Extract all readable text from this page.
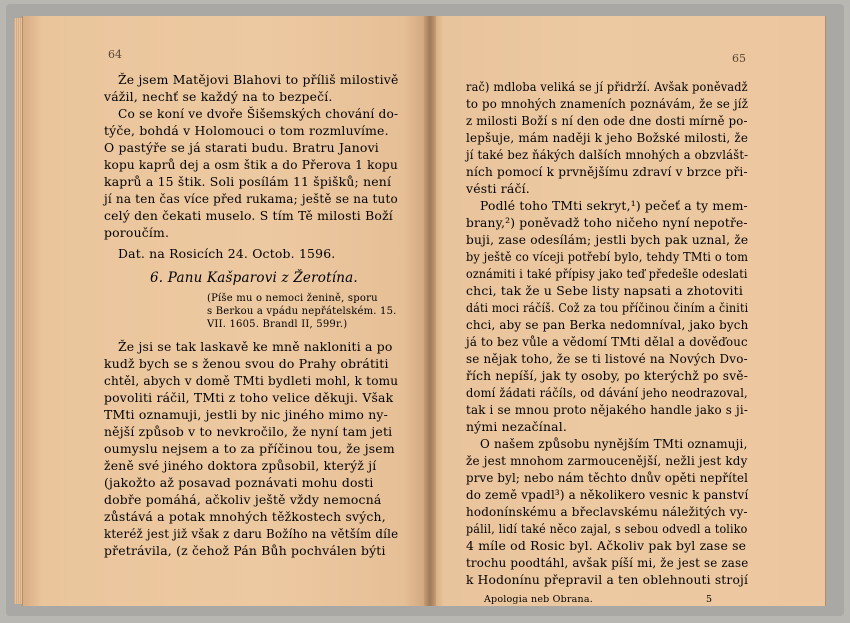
64
Že jsem Matějovi Blahovi to příliš milostivě
vážil, nechť se každý na to bezpečí.
Co se koní ve dvoře Šišemských chování do-
týče, bohdá v Holomouci o tom rozmluvíme.
O pastýře se já starati budu. Bratru Janovi
kopu kaprů dej a osm štik a do Přerova 1 kopu
kaprů a 15 štik. Soli posílám 11 špišků; není
jí na ten čas více před rukama; ještě se na tuto
celý den čekati muselo. S tím Tě milosti Boží
poroučím.
Dat. na Rosicích 24. Octob. 1596.
6. Panu Kašparovi z Žerotína.
(Píše mu o nemoci ženině, sporu
s Berkou a vpádu nepřátelském. 15.
VII. 1605. Brandl II, 599r.)
Že jsi se tak laskavě ke mně nakloniti a po
kudž bych se s ženou svou do Prahy obrátiti
chtěl, abych v domě TMti bydleti mohl, k tomu
povoliti ráčil, TMti z toho velice děkuji. Však
TMti oznamuji, jestli by nic jiného mimo ny-
nější způsob v to nevkročilo, že nyní tam jeti
oumyslu nejsem a to za příčinou tou, že jsem
ženě své jiného doktora způsobil, kterýž jí
(jakožto až posavad poznávati mohu dosti
dobře pomáhá, ačkoliv ještě vždy nemocná
zůstává a potak mnohých těžkostech svých,
kteréž jest již však z daru Božího na větším díle
přetrávila, (z čehož Pán Bůh pochválen býti
65
rač) mdloba veliká se jí přidrží. Avšak poněvadž
to po mnohých znameních poznávám, že se jíž
z milosti Boží s ní den ode dne dosti mírně po-
lepšuje, mám naději k jeho Božské milosti, že
jí také bez ňákých dalších mnohých a obzvlášt-
ních pomocí k prvnějšímu zdraví v brzce při-
vésti ráčí.
Podlé toho TMti sekryt,¹) pečeť a ty mem-
brany,²) poněvadž toho ničeho nyní nepotře-
buji, zase odesílám; jestli bych pak uznal, že
by ještě co víceji potřebí bylo, tehdy TMti o tom
oznámiti i také přípisy jako teď předešle odeslati
chci, tak že u Sebe listy napsati a zhotoviti
dáti moci ráčíš. Což za tou příčinou činím a činiti
chci, aby se pan Berka nedomníval, jako bych
já to bez vůle a vědomí TMti dělal a dověďouc
se nějak toho, že se ti listové na Nových Dvo-
řích nepíší, jak ty osoby, po kterýchž po svě-
domí žádati ráčíls, od dávání jeho neodrazoval,
tak i se mnou proto nějakého handle jako s ji-
nými nezačínal.
O našem způsobu nynějším TMti oznamuji,
že jest mnohom zarmoucenější, nežli jest kdy
prve byl; nebo nám těchto dnův opěti nepřítel
do země vpadl³) a několikero vesnic k panství
hodonínskému a břeclavskému náležitých vy-
pálil, lidí také něco zajal, s sebou odvedl a toliko
4 míle od Rosic byl. Ačkoliv pak byl zase se
trochu poodtáhl, avšak píší mi, že jest se zase
k Hodonínu přepravil a ten oblehnouti strojí
Apologia neb Obrana.	5
